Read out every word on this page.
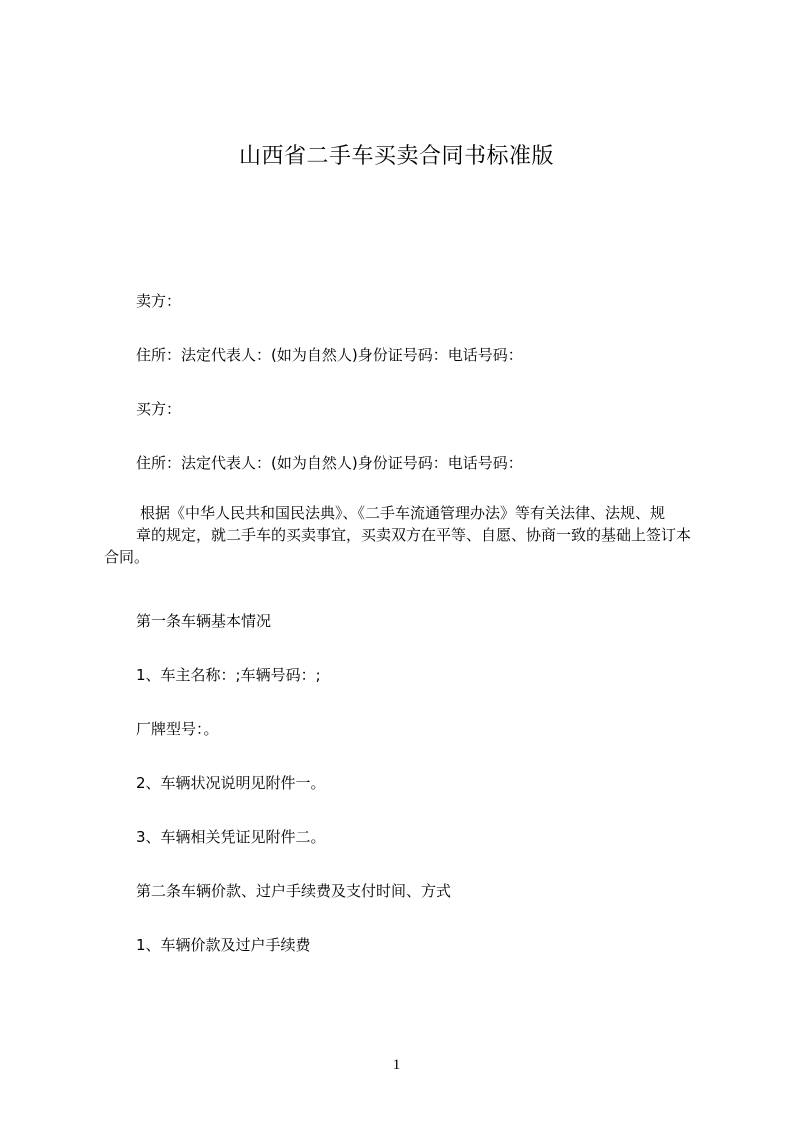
山西省二手车买卖合同书标准版
卖方：
住所：法定代表人：(如为自然人)身份证号码：电话号码：
买方：
住所：法定代表人：(如为自然人)身份证号码：电话号码：
根据《中华人民共和国民法典》、《二手车流通管理办法》等有关法律、法规、规
章的规定，就二手车的买卖事宜，买卖双方在平等、自愿、协商一致的基础上签订本
合同。
第一条车辆基本情况
1、车主名称：;车辆号码：;
厂牌型号：。
2、车辆状况说明见附件一。
3、车辆相关凭证见附件二。
第二条车辆价款、过户手续费及支付时间、方式
1、车辆价款及过户手续费
1
